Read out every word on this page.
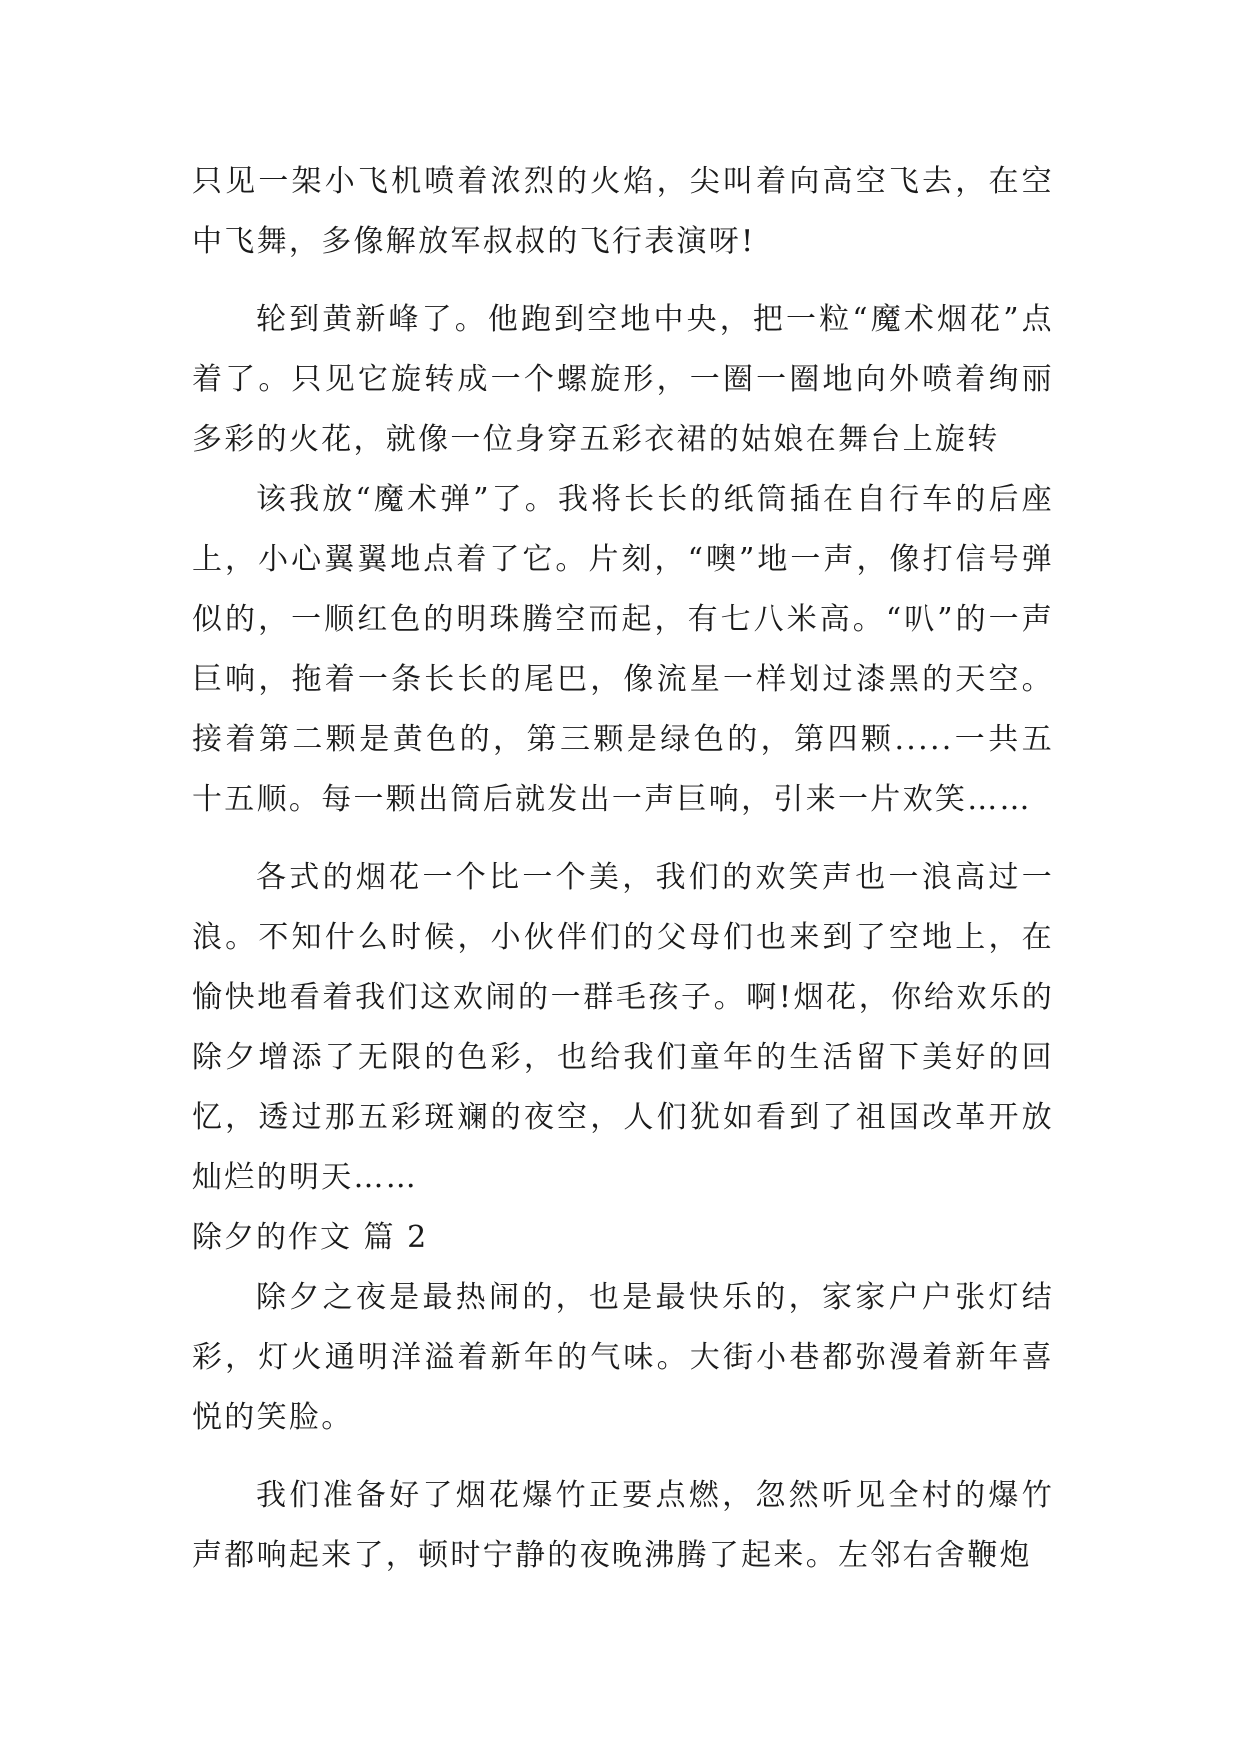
只见一架小飞机喷着浓烈的火焰，尖叫着向高空飞去，在空中飞舞，多像解放军叔叔的飞行表演呀!

轮到黄新峰了。他跑到空地中央，把一粒“魔术烟花”点着了。只见它旋转成一个螺旋形，一圈一圈地向外喷着绚丽多彩的火花，就像一位身穿五彩衣裙的姑娘在舞台上旋转

该我放“魔术弹”了。我将长长的纸筒插在自行车的后座上，小心翼翼地点着了它。片刻，“噢”地一声，像打信号弹似的，一顺红色的明珠腾空而起，有七八米高。“叭”的一声巨响，拖着一条长长的尾巴，像流星一样划过漆黑的天空。接着第二颗是黄色的，第三颗是绿色的，第四颗.....一共五十五顺。每一颗出筒后就发出一声巨响，引来一片欢笑……

各式的烟花一个比一个美，我们的欢笑声也一浪高过一浪。不知什么时候，小伙伴们的父母们也来到了空地上，在愉快地看着我们这欢闹的一群毛孩子。啊!烟花，你给欢乐的除夕增添了无限的色彩，也给我们童年的生活留下美好的回忆，透过那五彩斑斓的夜空，人们犹如看到了祖国改革开放灿烂的明天……

除夕的作文 篇 2

除夕之夜是最热闹的，也是最快乐的，家家户户张灯结彩，灯火通明洋溢着新年的气味。大街小巷都弥漫着新年喜悦的笑脸。

我们准备好了烟花爆竹正要点燃，忽然听见全村的爆竹声都响起来了，顿时宁静的夜晚沸腾了起来。左邻右舍鞭炮
